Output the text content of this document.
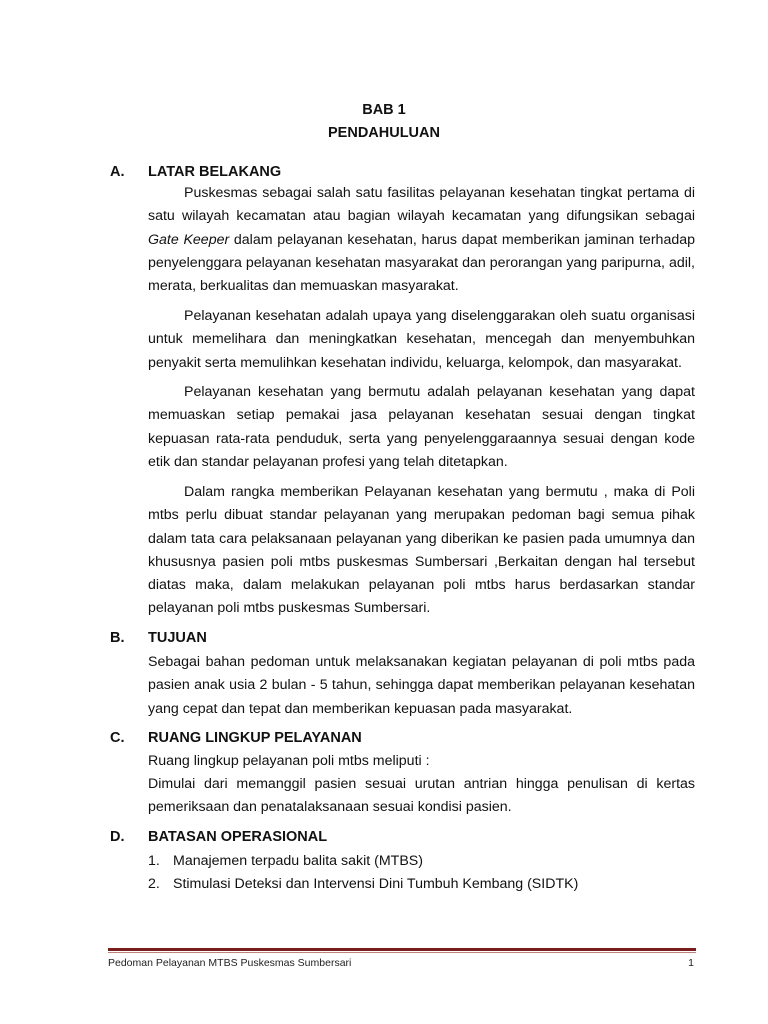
BAB 1
PENDAHULUAN
A. LATAR BELAKANG

Puskesmas sebagai salah satu fasilitas pelayanan kesehatan tingkat pertama di satu wilayah kecamatan atau bagian wilayah kecamatan yang difungsikan sebagai Gate Keeper dalam pelayanan kesehatan, harus dapat memberikan jaminan terhadap penyelenggara pelayanan kesehatan masyarakat dan perorangan yang paripurna, adil, merata, berkualitas dan memuaskan masyarakat.

Pelayanan kesehatan adalah upaya yang diselenggarakan oleh suatu organisasi untuk memelihara dan meningkatkan kesehatan, mencegah dan menyembuhkan penyakit serta memulihkan kesehatan individu, keluarga, kelompok, dan masyarakat.

Pelayanan kesehatan yang bermutu adalah pelayanan kesehatan yang dapat memuaskan setiap pemakai jasa pelayanan kesehatan sesuai dengan tingkat kepuasan rata-rata penduduk, serta yang penyelenggaraannya sesuai dengan kode etik dan standar pelayanan profesi yang telah ditetapkan.

Dalam rangka memberikan Pelayanan kesehatan yang bermutu , maka di Poli mtbs perlu dibuat standar pelayanan yang merupakan pedoman bagi semua pihak dalam tata cara pelaksanaan pelayanan yang diberikan ke pasien pada umumnya dan khususnya pasien poli mtbs puskesmas Sumbersari ,Berkaitan dengan hal tersebut diatas maka, dalam melakukan pelayanan poli mtbs harus berdasarkan standar pelayanan poli mtbs puskesmas Sumbersari.

B. TUJUAN

Sebagai bahan pedoman untuk melaksanakan kegiatan pelayanan di poli mtbs pada pasien anak usia 2 bulan - 5 tahun, sehingga dapat memberikan pelayanan kesehatan yang cepat dan tepat dan memberikan kepuasan pada masyarakat.

C. RUANG LINGKUP PELAYANAN
Ruang lingkup pelayanan poli mtbs meliputi :

Dimulai dari memanggil pasien sesuai urutan antrian hingga penulisan di kertas pemeriksaan dan penatalaksanaan sesuai kondisi pasien.

D. BATASAN OPERASIONAL
1. Manajemen terpadu balita sakit (MTBS)
2. Stimulasi Deteksi dan Intervensi Dini Tumbuh Kembang (SIDTK)
Pedoman Pelayanan MTBS Puskesmas Sumbersari	1
